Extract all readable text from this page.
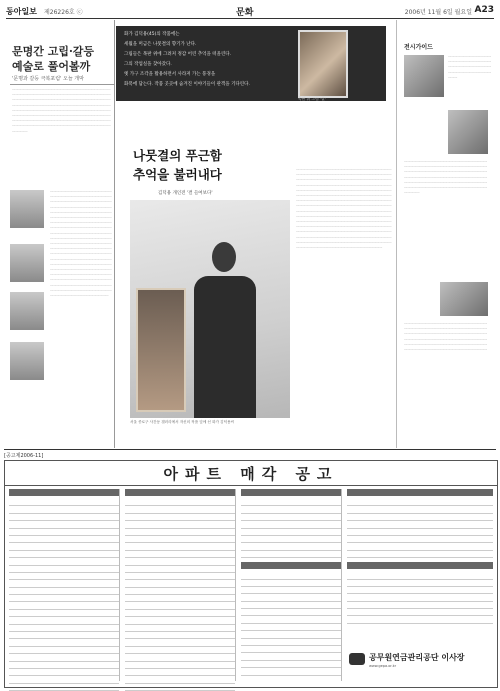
동아일보 제26226호 ⓒ	문화	2006년 11월 6일 월요일 A23
문명간 고립·갈등
예술로 풀어볼까
'문명과 갈등 극복포럼' 오늘 개막
ㅡㅡㅡㅡㅡㅡㅡㅡㅡㅡㅡㅡㅡㅡㅡㅡㅡㅡㅡㅡㅡㅡㅡㅡㅡㅡㅡㅡㅡㅡㅡㅡㅡㅡㅡㅡㅡㅡㅡㅡㅡㅡㅡㅡㅡㅡㅡㅡㅡㅡㅡㅡㅡㅡㅡㅡㅡㅡㅡㅡㅡㅡㅡㅡㅡㅡㅡㅡㅡㅡㅡㅡㅡㅡㅡㅡㅡㅡㅡㅡㅡㅡㅡㅡㅡㅡㅡㅡㅡㅡㅡㅡㅡㅡㅡㅡㅡㅡㅡㅡㅡㅡㅡㅡㅡㅡㅡㅡㅡㅡㅡㅡㅡㅡㅡㅡㅡㅡㅡㅡㅡㅡㅡㅡㅡㅡㅡㅡㅡㅡㅡㅡㅡㅡㅡㅡㅡㅡㅡㅡㅡㅡㅡㅡㅡㅡㅡㅡㅡㅡㅡㅡㅡㅡㅡㅡㅡㅡㅡㅡㅡㅡㅡㅡㅡㅡㅡㅡㅡㅡㅡㅡㅡㅡㅡㅡㅡㅡㅡㅡㅡㅡㅡㅡㅡㅡㅡㅡㅡㅡㅡㅡㅡㅡㅡㅡㅡㅡㅡㅡㅡㅡㅡㅡㅡㅡㅡㅡㅡㅡㅡㅡㅡㅡㅡㅡㅡㅡㅡㅡㅡㅡㅡㅡㅡㅡㅡㅡㅡㅡㅡㅡㅡㅡㅡㅡㅡㅡㅡㅡㅡㅡㅡㅡㅡㅡㅡㅡㅡㅡㅡㅡㅡㅡㅡㅡㅡㅡㅡㅡㅡ
ㅡㅡㅡㅡㅡㅡㅡㅡㅡㅡㅡㅡㅡㅡㅡㅡㅡㅡㅡㅡㅡㅡㅡㅡㅡㅡㅡㅡㅡㅡㅡㅡㅡㅡㅡㅡㅡㅡㅡㅡㅡㅡㅡㅡㅡㅡㅡㅡㅡㅡㅡㅡㅡㅡㅡㅡㅡㅡㅡㅡㅡㅡㅡㅡㅡㅡㅡㅡㅡㅡㅡㅡㅡㅡㅡㅡㅡㅡㅡㅡㅡㅡㅡㅡㅡㅡㅡㅡㅡㅡㅡㅡㅡㅡㅡㅡㅡㅡㅡㅡㅡㅡㅡㅡㅡㅡㅡㅡㅡㅡㅡㅡㅡㅡㅡㅡㅡㅡㅡㅡㅡㅡㅡㅡㅡㅡㅡㅡㅡㅡㅡㅡㅡㅡㅡㅡㅡㅡㅡㅡㅡㅡㅡㅡㅡㅡㅡㅡㅡㅡㅡㅡㅡㅡㅡㅡㅡㅡㅡㅡㅡㅡㅡㅡㅡㅡㅡㅡㅡㅡㅡㅡㅡㅡㅡㅡㅡㅡㅡㅡㅡㅡㅡㅡㅡㅡㅡㅡㅡㅡㅡㅡㅡㅡㅡㅡㅡㅡㅡㅡㅡㅡㅡㅡㅡㅡㅡㅡㅡㅡㅡㅡㅡㅡㅡㅡㅡㅡㅡㅡㅡㅡㅡㅡㅡㅡㅡㅡㅡㅡㅡㅡㅡㅡㅡㅡㅡㅡㅡㅡㅡㅡㅡㅡㅡㅡㅡㅡㅡㅡㅡㅡㅡㅡㅡㅡㅡㅡㅡㅡㅡㅡㅡㅡㅡㅡㅡㅡㅡㅡㅡㅡㅡㅡㅡㅡㅡㅡㅡㅡㅡㅡㅡㅡㅡㅡㅡㅡㅡㅡㅡㅡㅡㅡㅡㅡㅡㅡㅡㅡㅡㅡㅡㅡㅡㅡㅡㅡㅡㅡㅡㅡㅡㅡㅡㅡㅡㅡㅡㅡㅡㅡㅡㅡㅡㅡㅡㅡㅡㅡㅡㅡㅡㅡㅡㅡㅡㅡㅡㅡㅡㅡㅡㅡㅡㅡㅡㅡㅡㅡㅡㅡㅡㅡㅡㅡㅡㅡㅡㅡㅡㅡㅡㅡㅡㅡㅡㅡㅡㅡㅡㅡㅡㅡㅡㅡㅡㅡㅡㅡㅡㅡㅡㅡㅡㅡㅡㅡㅡㅡㅡㅡㅡㅡㅡㅡㅡㅡㅡㅡㅡㅡㅡㅡㅡㅡㅡㅡㅡㅡㅡㅡㅡㅡㅡㅡㅡㅡㅡ
화가 김덕용(45)의 작품에는
세월을 머금은 나뭇결의 향기가 난다.
그림들은 목판 위에 그려져 정감 어린 추억을 떠올린다.
그의 작업실을 찾아갔다.
옛 가구 조각을 활용하면서 사라져 가는 풍경을
화폭에 담는다. 작품 곳곳에 숨겨진 이야기들이 관객을 기다린다.
목판 위 그림 '결'
나뭇결의 푸근함
추억을 불러내다
김덕용 개인전 '결 들여보다'
서울 종로구 사간동 갤러리에서 자신의 작품 앞에 선 화가 김덕용씨
ㅡㅡㅡㅡㅡㅡㅡㅡㅡㅡㅡㅡㅡㅡㅡㅡㅡㅡㅡㅡㅡㅡㅡㅡㅡㅡㅡㅡㅡㅡㅡㅡㅡㅡㅡㅡㅡㅡㅡㅡㅡㅡㅡㅡㅡㅡㅡㅡㅡㅡㅡㅡㅡㅡㅡㅡㅡㅡㅡㅡㅡㅡㅡㅡㅡㅡㅡㅡㅡㅡㅡㅡㅡㅡㅡㅡㅡㅡㅡㅡㅡㅡㅡㅡㅡㅡㅡㅡㅡㅡㅡㅡㅡㅡㅡㅡㅡㅡㅡㅡㅡㅡㅡㅡㅡㅡㅡㅡㅡㅡㅡㅡㅡㅡㅡㅡㅡㅡㅡㅡㅡㅡㅡㅡㅡㅡㅡㅡㅡㅡㅡㅡㅡㅡㅡㅡㅡㅡㅡㅡㅡㅡㅡㅡㅡㅡㅡㅡㅡㅡㅡㅡㅡㅡㅡㅡㅡㅡㅡㅡㅡㅡㅡㅡㅡㅡㅡㅡㅡㅡㅡㅡㅡㅡㅡㅡㅡㅡㅡㅡㅡㅡㅡㅡㅡㅡㅡㅡㅡㅡㅡㅡㅡㅡㅡㅡㅡㅡㅡㅡㅡㅡㅡㅡㅡㅡㅡㅡㅡㅡㅡㅡㅡㅡㅡㅡㅡㅡㅡㅡㅡㅡㅡㅡㅡㅡㅡㅡㅡㅡㅡㅡㅡㅡㅡㅡㅡㅡㅡㅡㅡㅡㅡㅡㅡㅡㅡㅡㅡㅡㅡㅡㅡㅡㅡㅡㅡㅡㅡㅡㅡㅡㅡㅡㅡㅡㅡㅡㅡㅡㅡㅡㅡㅡㅡㅡㅡㅡㅡㅡㅡㅡㅡㅡㅡㅡㅡㅡㅡㅡㅡㅡㅡㅡㅡㅡㅡㅡㅡㅡㅡㅡㅡㅡㅡㅡㅡㅡㅡㅡㅡㅡㅡㅡㅡㅡㅡㅡㅡㅡㅡㅡㅡㅡㅡㅡㅡㅡㅡㅡㅡㅡㅡㅡㅡㅡㅡㅡㅡㅡㅡㅡㅡㅡㅡㅡㅡㅡㅡㅡㅡㅡㅡㅡㅡㅡㅡㅡㅡㅡㅡㅡㅡㅡㅡㅡㅡㅡㅡㅡㅡㅡㅡㅡㅡㅡㅡㅡㅡㅡㅡㅡㅡㅡㅡㅡㅡㅡㅡㅡㅡㅡㅡㅡㅡㅡㅡㅡㅡㅡㅡㅡㅡㅡㅡㅡㅡㅡㅡㅡㅡㅡㅡㅡㅡㅡㅡㅡㅡㅡㅡㅡㅡㅡㅡㅡㅡㅡㅡㅡㅡㅡㅡㅡㅡㅡㅡㅡㅡㅡㅡㅡㅡㅡㅡㅡㅡㅡㅡㅡㅡㅡㅡㅡㅡㅡㅡㅡㅡㅡㅡㅡㅡㅡㅡㅡㅡㅡㅡㅡㅡㅡㅡㅡㅡㅡㅡㅡㅡㅡㅡㅡㅡㅡㅡㅡㅡㅡㅡㅡㅡㅡㅡ
전시가이드
ㅡㅡㅡㅡㅡㅡㅡㅡㅡㅡㅡㅡㅡㅡㅡㅡㅡㅡㅡㅡㅡㅡㅡㅡㅡㅡㅡㅡㅡㅡㅡㅡㅡㅡㅡㅡㅡㅡㅡㅡㅡㅡㅡㅡㅡㅡㅡㅡㅡㅡㅡㅡㅡㅡㅡㅡㅡㅡㅡ
ㅡㅡㅡㅡㅡㅡㅡㅡㅡㅡㅡㅡㅡㅡㅡㅡㅡㅡㅡㅡㅡㅡㅡㅡㅡㅡㅡㅡㅡㅡㅡㅡㅡㅡㅡㅡㅡㅡㅡㅡㅡㅡㅡㅡㅡㅡㅡㅡㅡㅡㅡㅡㅡㅡㅡㅡㅡㅡㅡㅡㅡㅡㅡㅡㅡㅡㅡㅡㅡㅡㅡㅡㅡㅡㅡㅡㅡㅡㅡㅡㅡㅡㅡㅡㅡㅡㅡㅡㅡㅡㅡㅡㅡㅡㅡㅡㅡㅡㅡㅡㅡㅡㅡㅡㅡㅡㅡㅡㅡㅡㅡㅡㅡㅡㅡㅡㅡㅡㅡㅡㅡㅡㅡㅡㅡㅡㅡㅡㅡㅡㅡㅡㅡㅡㅡㅡㅡㅡㅡㅡㅡㅡㅡㅡㅡㅡㅡㅡㅡㅡㅡㅡㅡㅡㅡㅡㅡㅡㅡㅡㅡㅡㅡㅡㅡㅡㅡ
ㅡㅡㅡㅡㅡㅡㅡㅡㅡㅡㅡㅡㅡㅡㅡㅡㅡㅡㅡㅡㅡㅡㅡㅡㅡㅡㅡㅡㅡㅡㅡㅡㅡㅡㅡㅡㅡㅡㅡㅡㅡㅡㅡㅡㅡㅡㅡㅡㅡㅡㅡㅡㅡㅡㅡㅡㅡㅡㅡㅡㅡㅡㅡㅡㅡㅡㅡㅡㅡㅡㅡㅡㅡㅡㅡㅡㅡㅡㅡㅡㅡㅡㅡㅡㅡㅡㅡㅡㅡㅡㅡㅡㅡㅡㅡㅡㅡㅡㅡㅡㅡㅡㅡㅡㅡㅡㅡㅡㅡㅡㅡㅡㅡㅡㅡㅡㅡㅡㅡㅡㅡㅡㅡㅡㅡㅡㅡㅡㅡㅡㅡㅡㅡㅡㅡㅡㅡㅡㅡㅡㅡㅡㅡㅡㅡㅡㅡㅡㅡㅡㅡㅡㅡㅡㅡㅡㅡㅡㅡㅡㅡㅡ
[공고제2006-11]
아파트 매각 공고
공무원연금관리공단 이사장
www.gepa.or.kr
